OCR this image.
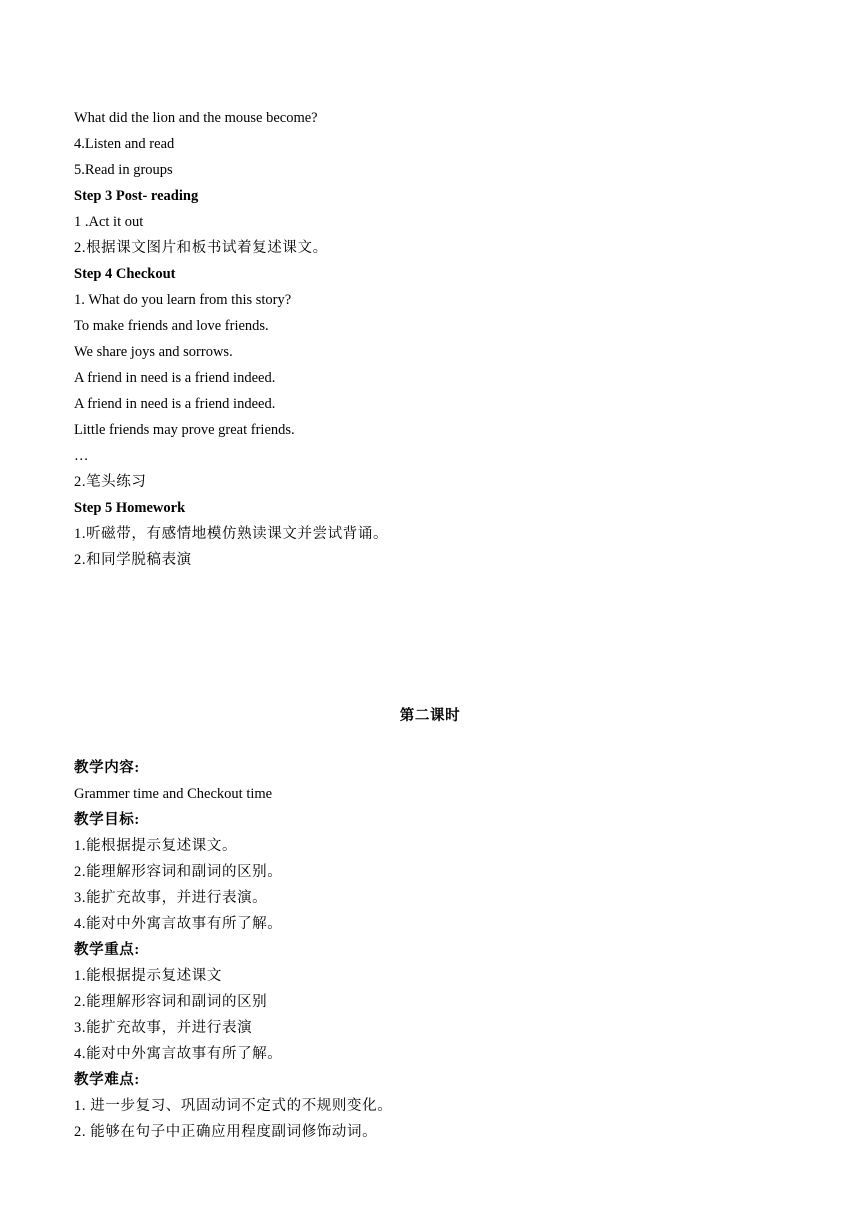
What did the lion and the mouse become?
4.Listen and read
5.Read in groups
Step 3 Post- reading
1 .Act it out
2.根据课文图片和板书试着复述课文。
Step 4 Checkout
1. What do you learn from this story?
To make friends and love friends.
We share joys and sorrows.
A friend in need is a friend indeed.
A friend in need is a friend indeed.
Little friends may prove great friends.
…
2.笔头练习
Step 5 Homework
1.听磁带，有感情地模仿熟读课文并尝试背诵。
2.和同学脱稿表演
第二课时
教学内容:
Grammer time and Checkout time
教学目标:
1.能根据提示复述课文。
2.能理解形容词和副词的区别。
3.能扩充故事，并进行表演。
4.能对中外寓言故事有所了解。
教学重点:
1.能根据提示复述课文
2.能理解形容词和副词的区别
3.能扩充故事，并进行表演
4.能对中外寓言故事有所了解。
教学难点:
1. 进一步复习、巩固动词不定式的不规则变化。
2. 能够在句子中正确应用程度副词修饰动词。
